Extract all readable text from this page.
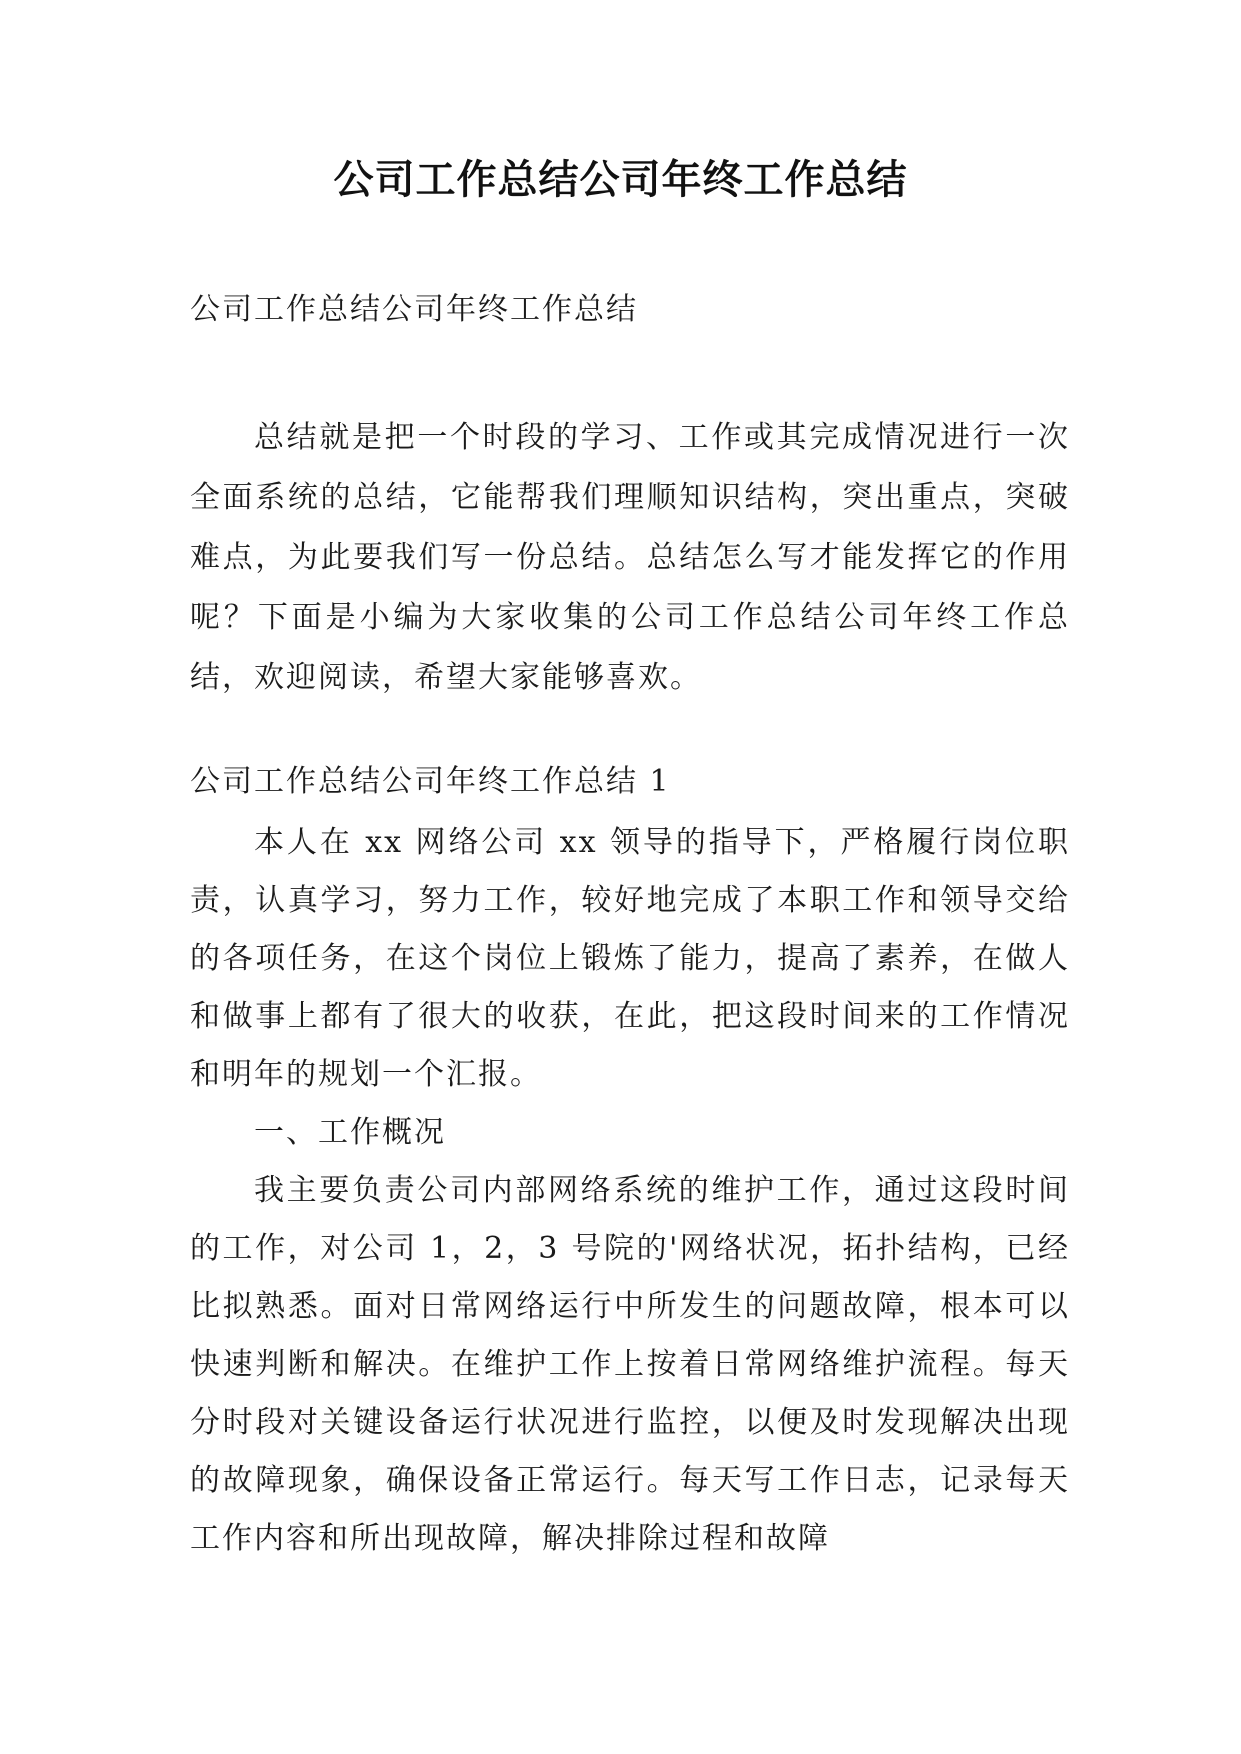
公司工作总结公司年终工作总结
公司工作总结公司年终工作总结

总结就是把一个时段的学习、工作或其完成情况进行一次全面系统的总结，它能帮我们理顺知识结构，突出重点，突破难点，为此要我们写一份总结。总结怎么写才能发挥它的作用呢？下面是小编为大家收集的公司工作总结公司年终工作总结，欢迎阅读，希望大家能够喜欢。

公司工作总结公司年终工作总结 1

本人在 xx 网络公司 xx 领导的指导下，严格履行岗位职责，认真学习，努力工作，较好地完成了本职工作和领导交给的各项任务，在这个岗位上锻炼了能力，提高了素养，在做人和做事上都有了很大的收获，在此，把这段时间来的工作情况和明年的规划一个汇报。

一、工作概况

我主要负责公司内部网络系统的维护工作，通过这段时间的工作，对公司 1，2，3 号院的'网络状况，拓扑结构，已经比拟熟悉。面对日常网络运行中所发生的问题故障，根本可以快速判断和解决。在维护工作上按着日常网络维护流程。每天分时段对关键设备运行状况进行监控，以便及时发现解决出现的故障现象，确保设备正常运行。每天写工作日志，记录每天工作内容和所出现故障，解决排除过程和故障
